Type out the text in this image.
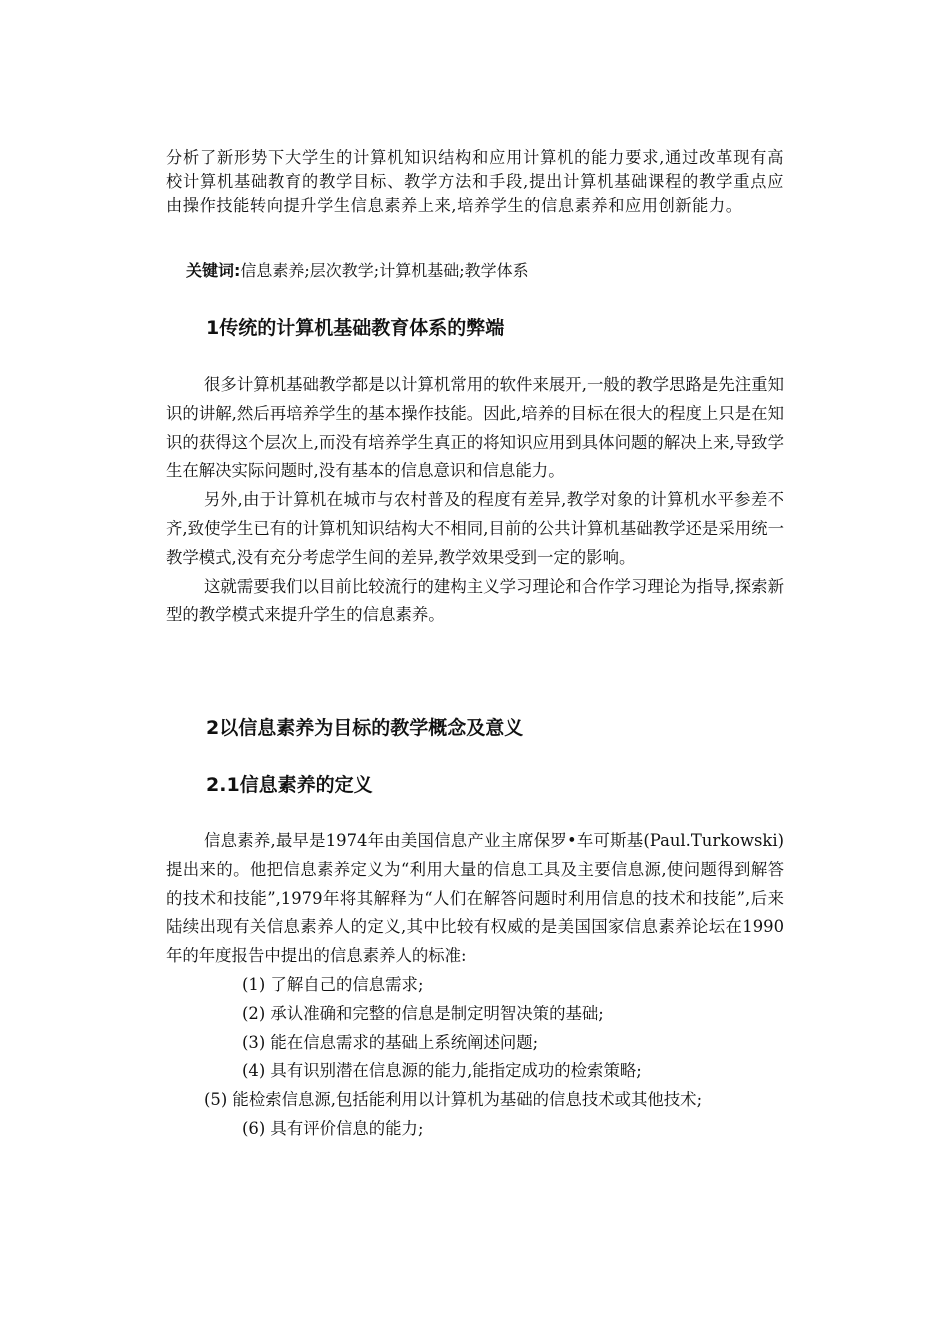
分析了新形势下大学生的计算机知识结构和应用计算机的能力要求,通过改革现有高校计算机基础教育的教学目标、教学方法和手段,提出计算机基础课程的教学重点应由操作技能转向提升学生信息素养上来,培养学生的信息素养和应用创新能力。

关键词:信息素养;层次教学;计算机基础;教学体系

1传统的计算机基础教育体系的弊端

很多计算机基础教学都是以计算机常用的软件来展开,一般的教学思路是先注重知识的讲解,然后再培养学生的基本操作技能。因此,培养的目标在很大的程度上只是在知识的获得这个层次上,而没有培养学生真正的将知识应用到具体问题的解决上来,导致学生在解决实际问题时,没有基本的信息意识和信息能力。

另外,由于计算机在城市与农村普及的程度有差异,教学对象的计算机水平参差不齐,致使学生已有的计算机知识结构大不相同,目前的公共计算机基础教学还是采用统一教学模式,没有充分考虑学生间的差异,教学效果受到一定的影响。

这就需要我们以目前比较流行的建构主义学习理论和合作学习理论为指导,探索新型的教学模式来提升学生的信息素养。

2以信息素养为目标的教学概念及意义
2.1信息素养的定义

信息素养,最早是1974年由美国信息产业主席保罗•车可斯基(Paul.Turkowski)提出来的。他把信息素养定义为“利用大量的信息工具及主要信息源,使问题得到解答的技术和技能”,1979年将其解释为“人们在解答问题时利用信息的技术和技能”,后来陆续出现有关信息素养人的定义,其中比较有权威的是美国国家信息素养论坛在1990年的年度报告中提出的信息素养人的标准:

(1) 了解自己的信息需求;

(2) 承认准确和完整的信息是制定明智决策的基础;

(3) 能在信息需求的基础上系统阐述问题;

(4) 具有识别潜在信息源的能力,能指定成功的检索策略;

(5) 能检索信息源,包括能利用以计算机为基础的信息技术或其他技术;

(6) 具有评价信息的能力;
